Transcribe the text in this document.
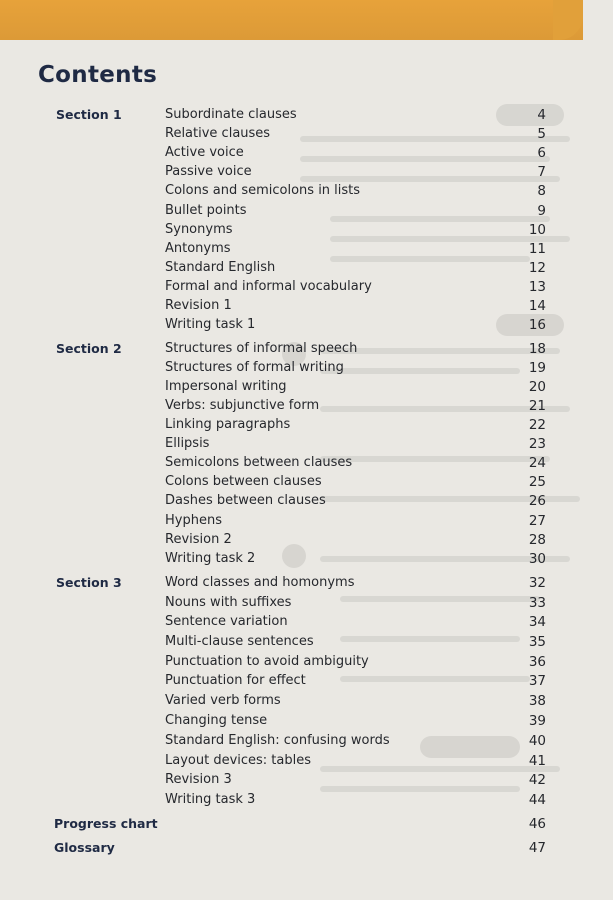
Contents
Section 1	Subordinate clauses	4
Relative clauses	5
Active voice	6
Passive voice	7
Colons and semicolons in lists	8
Bullet points	9
Synonyms	10
Antonyms	11
Standard English	12
Formal and informal vocabulary	13
Revision 1	14
Writing task 1	16
Section 2	Structures of informal speech	18
Structures of formal writing	19
Impersonal writing	20
Verbs: subjunctive form	21
Linking paragraphs	22
Ellipsis	23
Semicolons between clauses	24
Colons between clauses	25
Dashes between clauses	26
Hyphens	27
Revision 2	28
Writing task 2	30
Section 3	Word classes and homonyms	32
Nouns with suffixes	33
Sentence variation	34
Multi-clause sentences	35
Punctuation to avoid ambiguity	36
Punctuation for effect	37
Varied verb forms	38
Changing tense	39
Standard English: confusing words	40
Layout devices: tables	41
Revision 3	42
Writing task 3	44
Progress chart	46
Glossary	47
